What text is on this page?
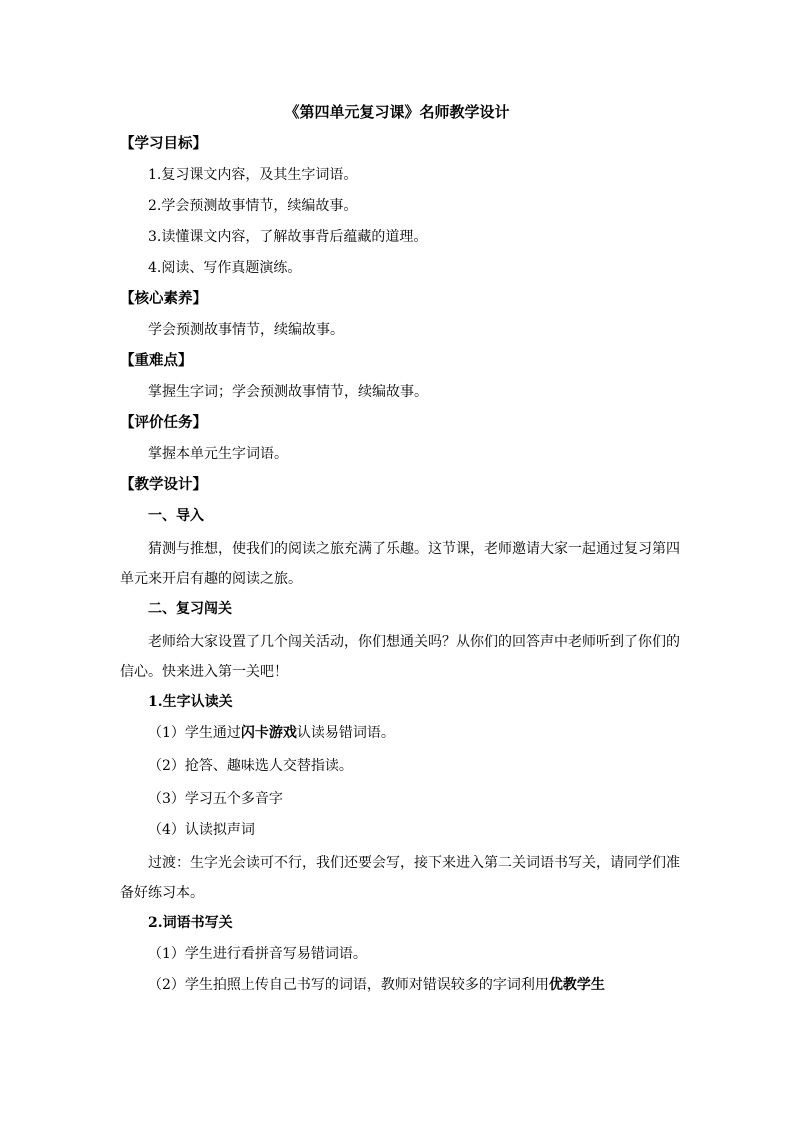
《第四单元复习课》名师教学设计
【学习目标】
1.复习课文内容，及其生字词语。
2.学会预测故事情节，续编故事。
3.读懂课文内容，了解故事背后蕴藏的道理。
4.阅读、写作真题演练。
【核心素养】
学会预测故事情节，续编故事。
【重难点】
掌握生字词；学会预测故事情节，续编故事。
【评价任务】
掌握本单元生字词语。
【教学设计】
一、导入
猜测与推想，使我们的阅读之旅充满了乐趣。这节课，老师邀请大家一起通过复习第四单元来开启有趣的阅读之旅。
二、复习闯关
老师给大家设置了几个闯关活动，你们想通关吗？从你们的回答声中老师听到了你们的信心。快来进入第一关吧！
1.生字认读关
（1）学生通过闪卡游戏认读易错词语。
（2）抢答、趣味选人交替指读。
（3）学习五个多音字
（4）认读拟声词
过渡：生字光会读可不行，我们还要会写，接下来进入第二关词语书写关，请同学们准备好练习本。
2.词语书写关
（1）学生进行看拼音写易错词语。
（2）学生拍照上传自己书写的词语，教师对错误较多的字词利用优教学生
